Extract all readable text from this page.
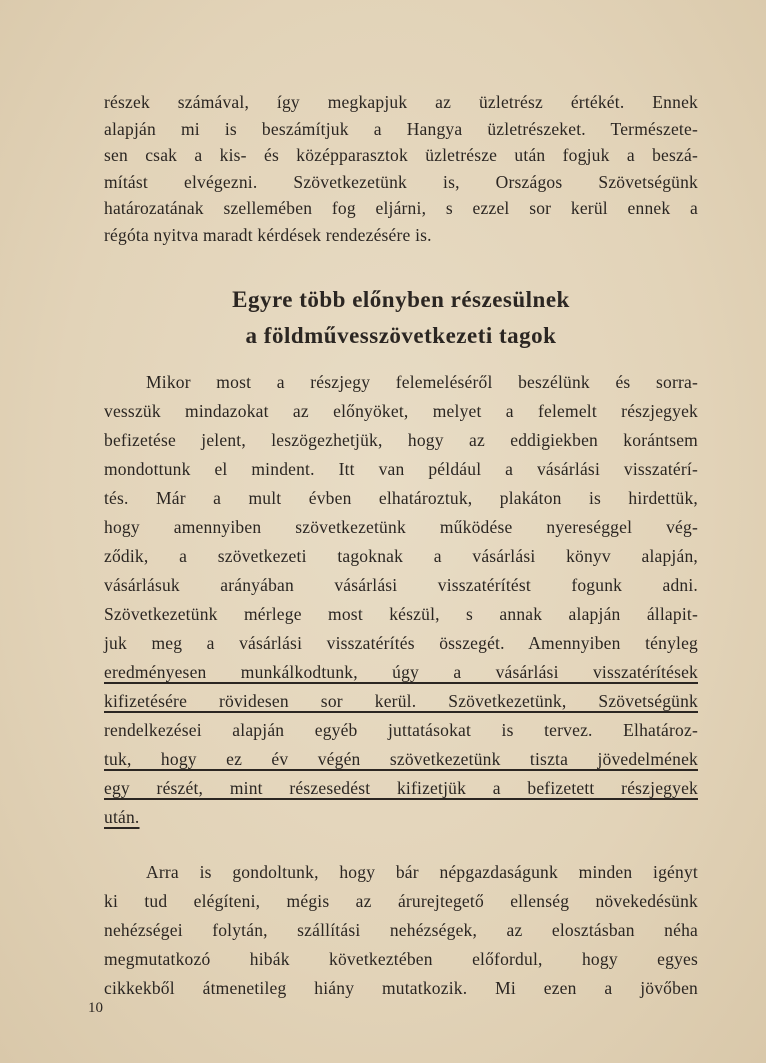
részek számával, így megkapjuk az üzletrész értékét. Ennek
alapján mi is beszámítjuk a Hangya üzletrészeket. Természete-
sen csak a kis- és középparasztok üzletrésze után fogjuk a beszá-
mítást elvégezni. Szövetkezetünk is, Országos Szövetségünk
határozatának szellemében fog eljárni, s ezzel sor kerül ennek a
régóta nyitva maradt kérdések rendezésére is.
Egyre több előnyben részesülnek
a földművesszövetkezeti tagok
Mikor most a részjegy felemeléséről beszélünk és sorra-
vesszük mindazokat az előnyöket, melyet a felemelt részjegyek
befizetése jelent, leszögezhetjük, hogy az eddigiekben korántsem
mondottunk el mindent. Itt van például a vásárlási visszatérí-
tés. Már a mult évben elhatároztuk, plakáton is hirdettük,
hogy amennyiben szövetkezetünk működése nyereséggel vég-
ződik, a szövetkezeti tagoknak a vásárlási könyv alapján,
vásárlásuk arányában vásárlási visszatérítést fogunk adni.
Szövetkezetünk mérlege most készül, s annak alapján állapit-
juk meg a vásárlási visszatérítés összegét. Amennyiben tényleg
eredményesen munkálkodtunk, úgy a vásárlási visszatérítések
kifizetésére rövidesen sor kerül. Szövetkezetünk, Szövetségünk
rendelkezései alapján egyéb juttatásokat is tervez. Elhatároz-
tuk, hogy ez év végén szövetkezetünk tiszta jövedelmének
egy részét, mint részesedést kifizetjük a befizetett részjegyek
után.
Arra is gondoltunk, hogy bár népgazdaságunk minden igényt
ki tud elégíteni, mégis az árurejtegető ellenség növekedésünk
nehézségei folytán, szállítási nehézségek, az elosztásban néha
megmutatkozó hibák következtében előfordul, hogy egyes
cikkekből átmenetileg hiány mutatkozik. Mi ezen a jövőben
10
